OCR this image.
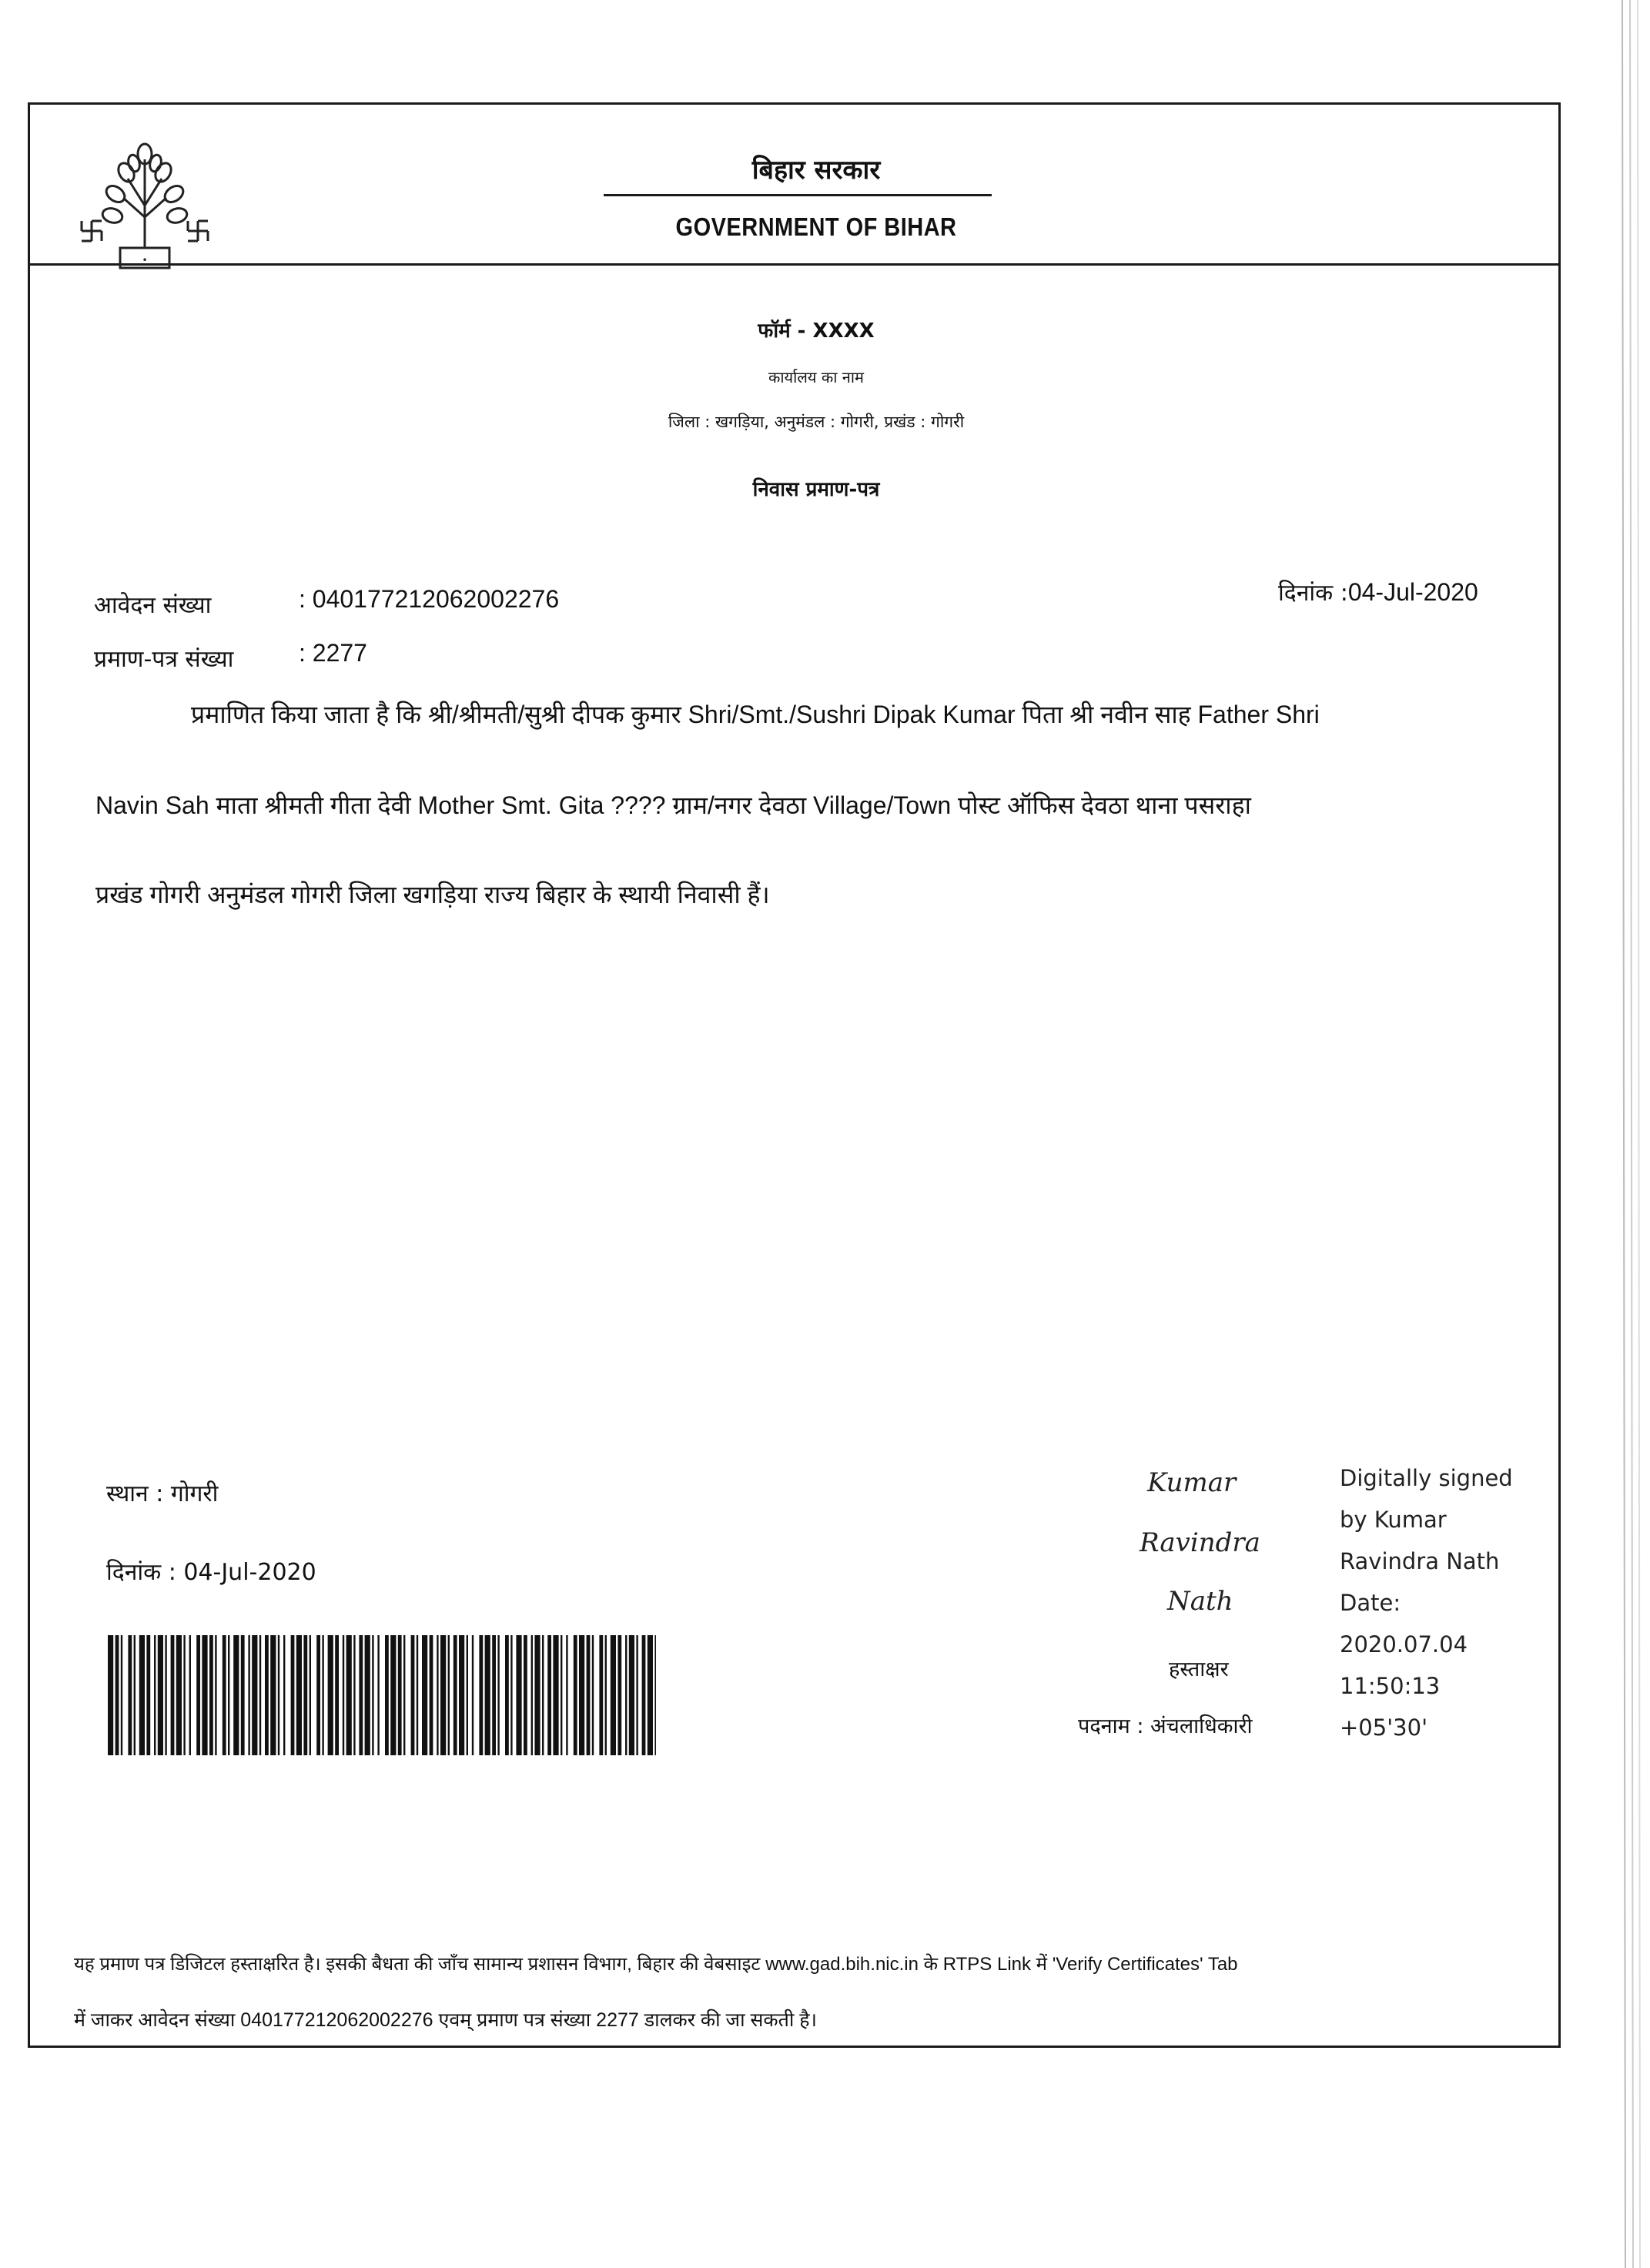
•
बिहार सरकार
GOVERNMENT OF BIHAR
फॉर्म - XXXX
कार्यालय का नाम
जिला : खगड़िया, अनुमंडल : गोगरी, प्रखंड : गोगरी
निवास प्रमाण-पत्र
आवेदन संख्या	: 040177212062002276
प्रमाण-पत्र संख्या	: 2277
दिनांक :04-Jul-2020
प्रमाणित किया जाता है कि श्री/श्रीमती/सुश्री दीपक कुमार Shri/Smt./Sushri Dipak Kumar पिता श्री नवीन साह Father Shri
Navin Sah माता श्रीमती गीता देवी Mother Smt. Gita ???? ग्राम/नगर देवठा Village/Town पोस्ट ऑफिस देवठा थाना पसराहा
प्रखंड गोगरी अनुमंडल गोगरी जिला खगड़िया राज्य बिहार के स्थायी निवासी हैं।
स्थान : गोगरी
दिनांक : 04-Jul-2020
Kumar
Ravindra
Nath
हस्ताक्षर
पदनाम : अंचलाधिकारी
Digitally signed
by Kumar
Ravindra Nath
Date:
2020.07.04
11:50:13
+05'30'
यह प्रमाण पत्र डिजिटल हस्ताक्षरित है। इसकी बैधता की जाँच सामान्य प्रशासन विभाग, बिहार की वेबसाइट www.gad.bih.nic.in के RTPS Link में 'Verify Certificates' Tab
में जाकर आवेदन संख्या 040177212062002276 एवम् प्रमाण पत्र संख्या 2277 डालकर की जा सकती है।
